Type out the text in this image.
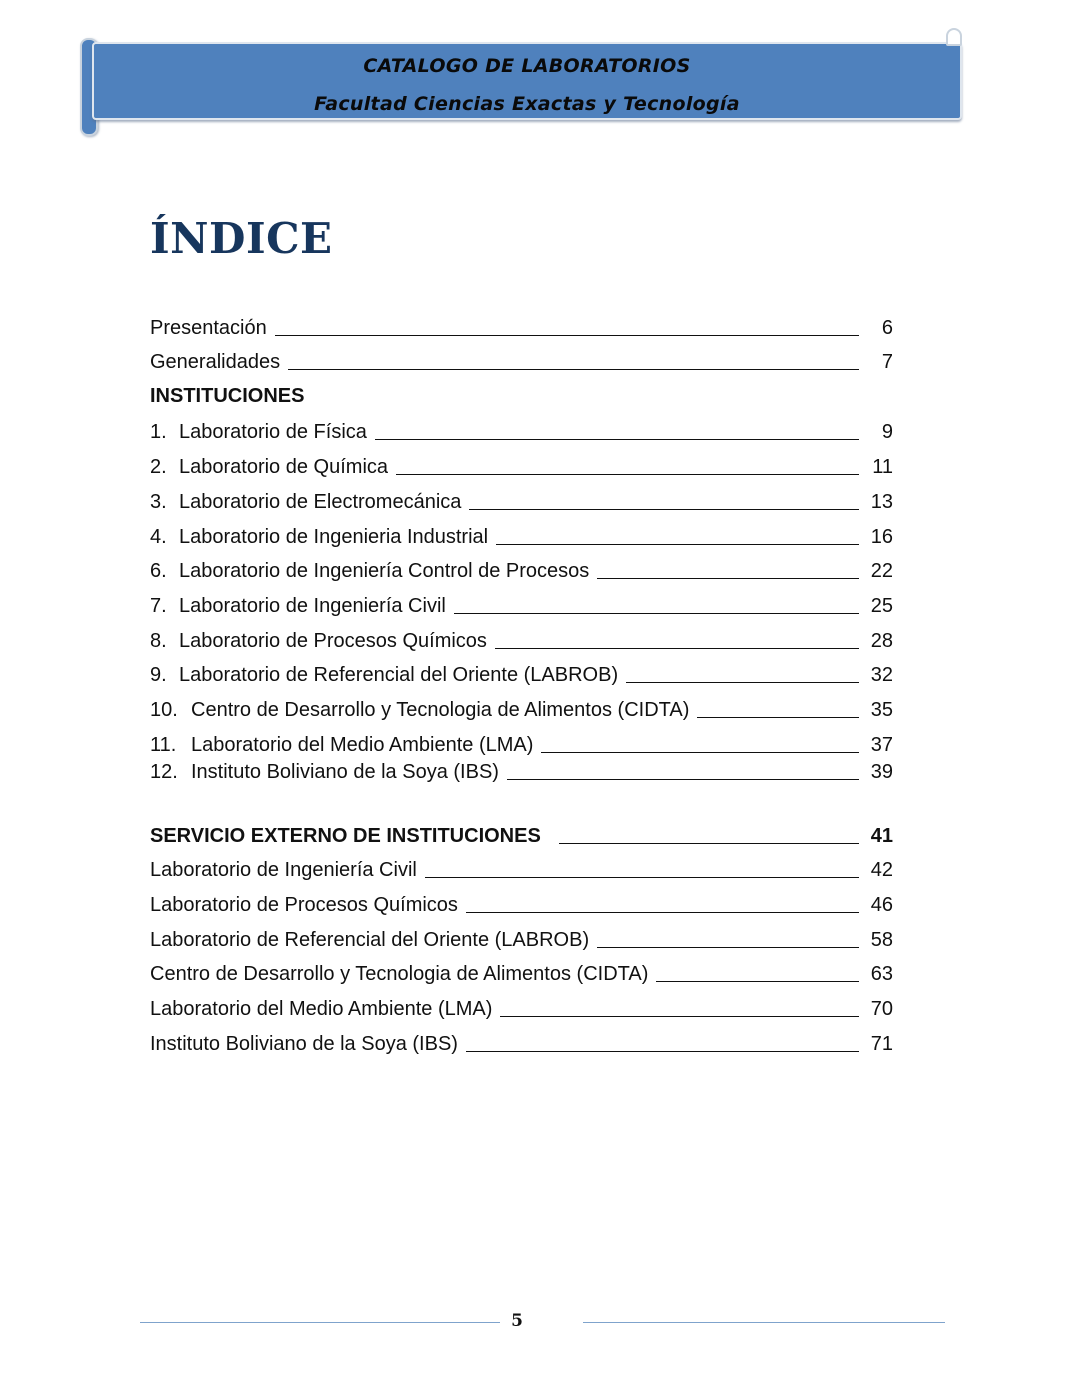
CATALOGO DE LABORATORIOS
Facultad Ciencias Exactas y Tecnología
ÍNDICE
Presentación	6
Generalidades	7
INSTITUCIONES
1. Laboratorio de Física	9
2. Laboratorio de Química	11
3. Laboratorio de Electromecánica	13
4. Laboratorio de Ingenieria Industrial	16
6. Laboratorio de Ingeniería Control de Procesos	22
7. Laboratorio de Ingeniería Civil	25
8. Laboratorio de Procesos Químicos	28
9. Laboratorio de Referencial del Oriente (LABROB)	32
10. Centro de Desarrollo y Tecnologia de Alimentos (CIDTA)	35
11. Laboratorio del Medio Ambiente (LMA)	37
12. Instituto Boliviano de la Soya (IBS)	39
SERVICIO EXTERNO DE INSTITUCIONES	41
Laboratorio de Ingeniería Civil	42
Laboratorio de Procesos Químicos	46
Laboratorio de Referencial del Oriente (LABROB)	58
Centro de Desarrollo y Tecnologia de Alimentos (CIDTA)	63
Laboratorio del Medio Ambiente (LMA)	70
Instituto Boliviano de la Soya (IBS)	71
5
